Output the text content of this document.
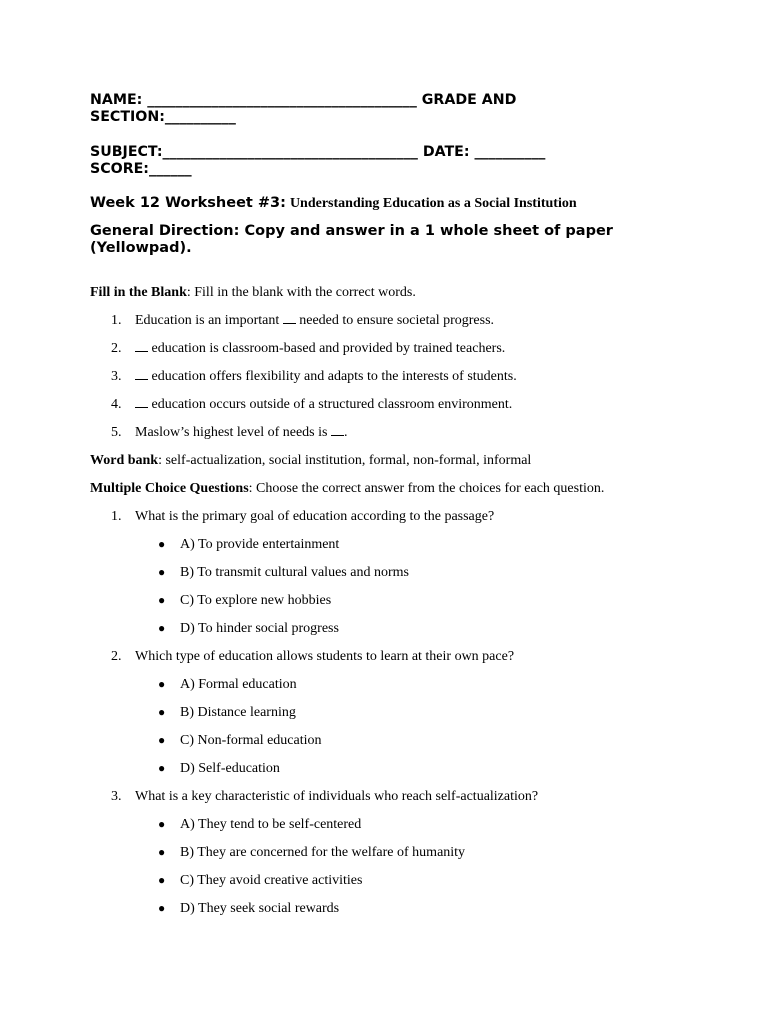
NAME: ______________________________________ GRADE AND
SECTION:__________
SUBJECT:____________________________________ DATE: __________
SCORE:______
Week 12 Worksheet #3: Understanding Education as a Social Institution
General Direction: Copy and answer in a 1 whole sheet of paper (Yellowpad).
Fill in the Blank: Fill in the blank with the correct words.
1. Education is an important  needed to ensure societal progress.
2. education is classroom-based and provided by trained teachers.
3. education offers flexibility and adapts to the interests of students.
4. education occurs outside of a structured classroom environment.
5. Maslow’s highest level of needs is .
Word bank: self-actualization, social institution, formal, non-formal, informal
Multiple Choice Questions: Choose the correct answer from the choices for each question.
1. What is the primary goal of education according to the passage?
● A) To provide entertainment
● B) To transmit cultural values and norms
● C) To explore new hobbies
● D) To hinder social progress
2. Which type of education allows students to learn at their own pace?
● A) Formal education
● B) Distance learning
● C) Non-formal education
● D) Self-education
3. What is a key characteristic of individuals who reach self-actualization?
● A) They tend to be self-centered
● B) They are concerned for the welfare of humanity
● C) They avoid creative activities
● D) They seek social rewards
